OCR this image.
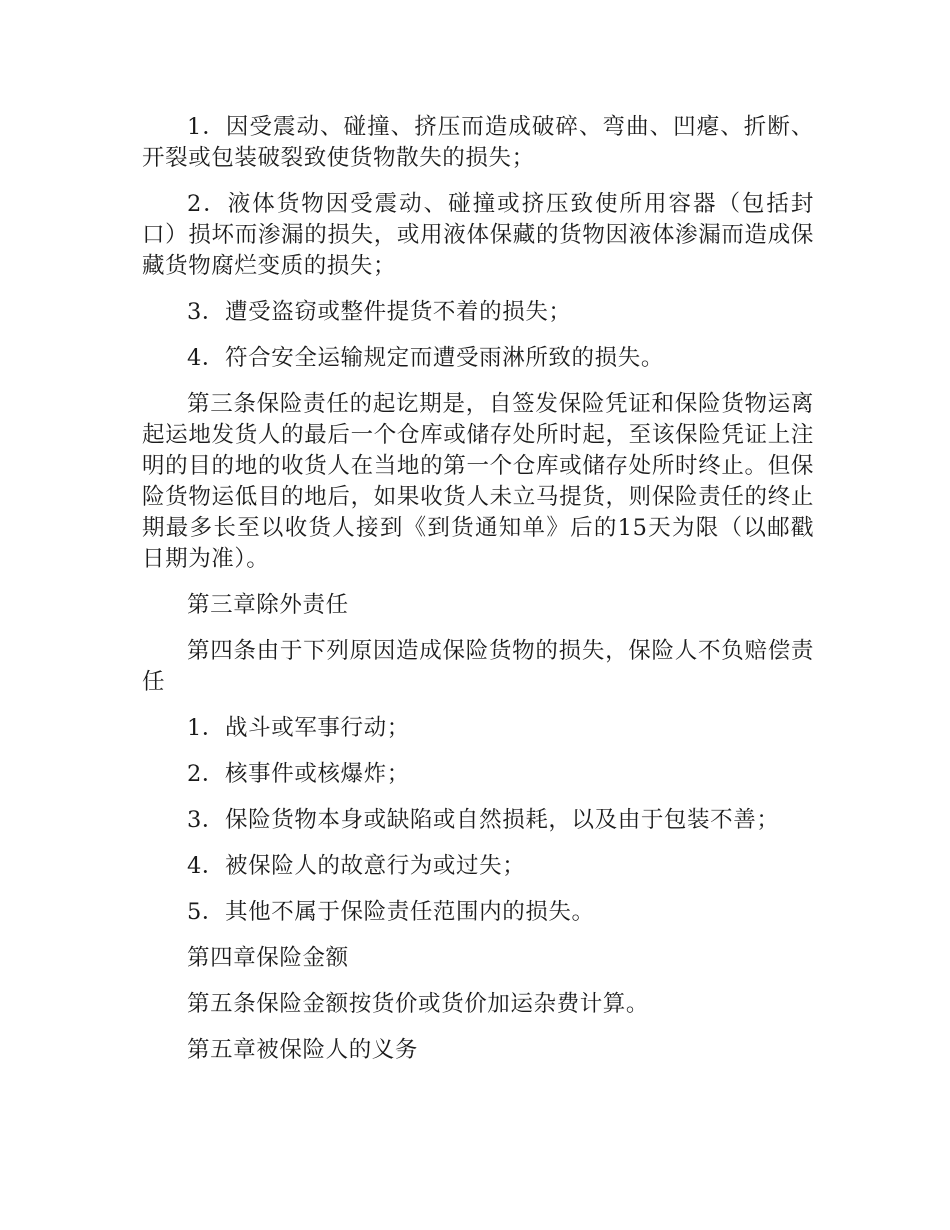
1．因受震动、碰撞、挤压而造成破碎、弯曲、凹瘪、折断、开裂或包装破裂致使货物散失的损失；

2．液体货物因受震动、碰撞或挤压致使所用容器（包括封口）损坏而渗漏的损失，或用液体保藏的货物因液体渗漏而造成保藏货物腐烂变质的损失；

3．遭受盗窃或整件提货不着的损失；

4．符合安全运输规定而遭受雨淋所致的损失。

第三条保险责任的起讫期是，自签发保险凭证和保险货物运离起运地发货人的最后一个仓库或储存处所时起，至该保险凭证上注明的目的地的收货人在当地的第一个仓库或储存处所时终止。但保险货物运低目的地后，如果收货人未立马提货，则保险责任的终止期最多长至以收货人接到《到货通知单》后的15天为限（以邮戳日期为准）。

第三章除外责任

第四条由于下列原因造成保险货物的损失，保险人不负赔偿责任

1．战斗或军事行动；

2．核事件或核爆炸；

3．保险货物本身或缺陷或自然损耗，以及由于包装不善；

4．被保险人的故意行为或过失；

5．其他不属于保险责任范围内的损失。

第四章保险金额

第五条保险金额按货价或货价加运杂费计算。

第五章被保险人的义务
